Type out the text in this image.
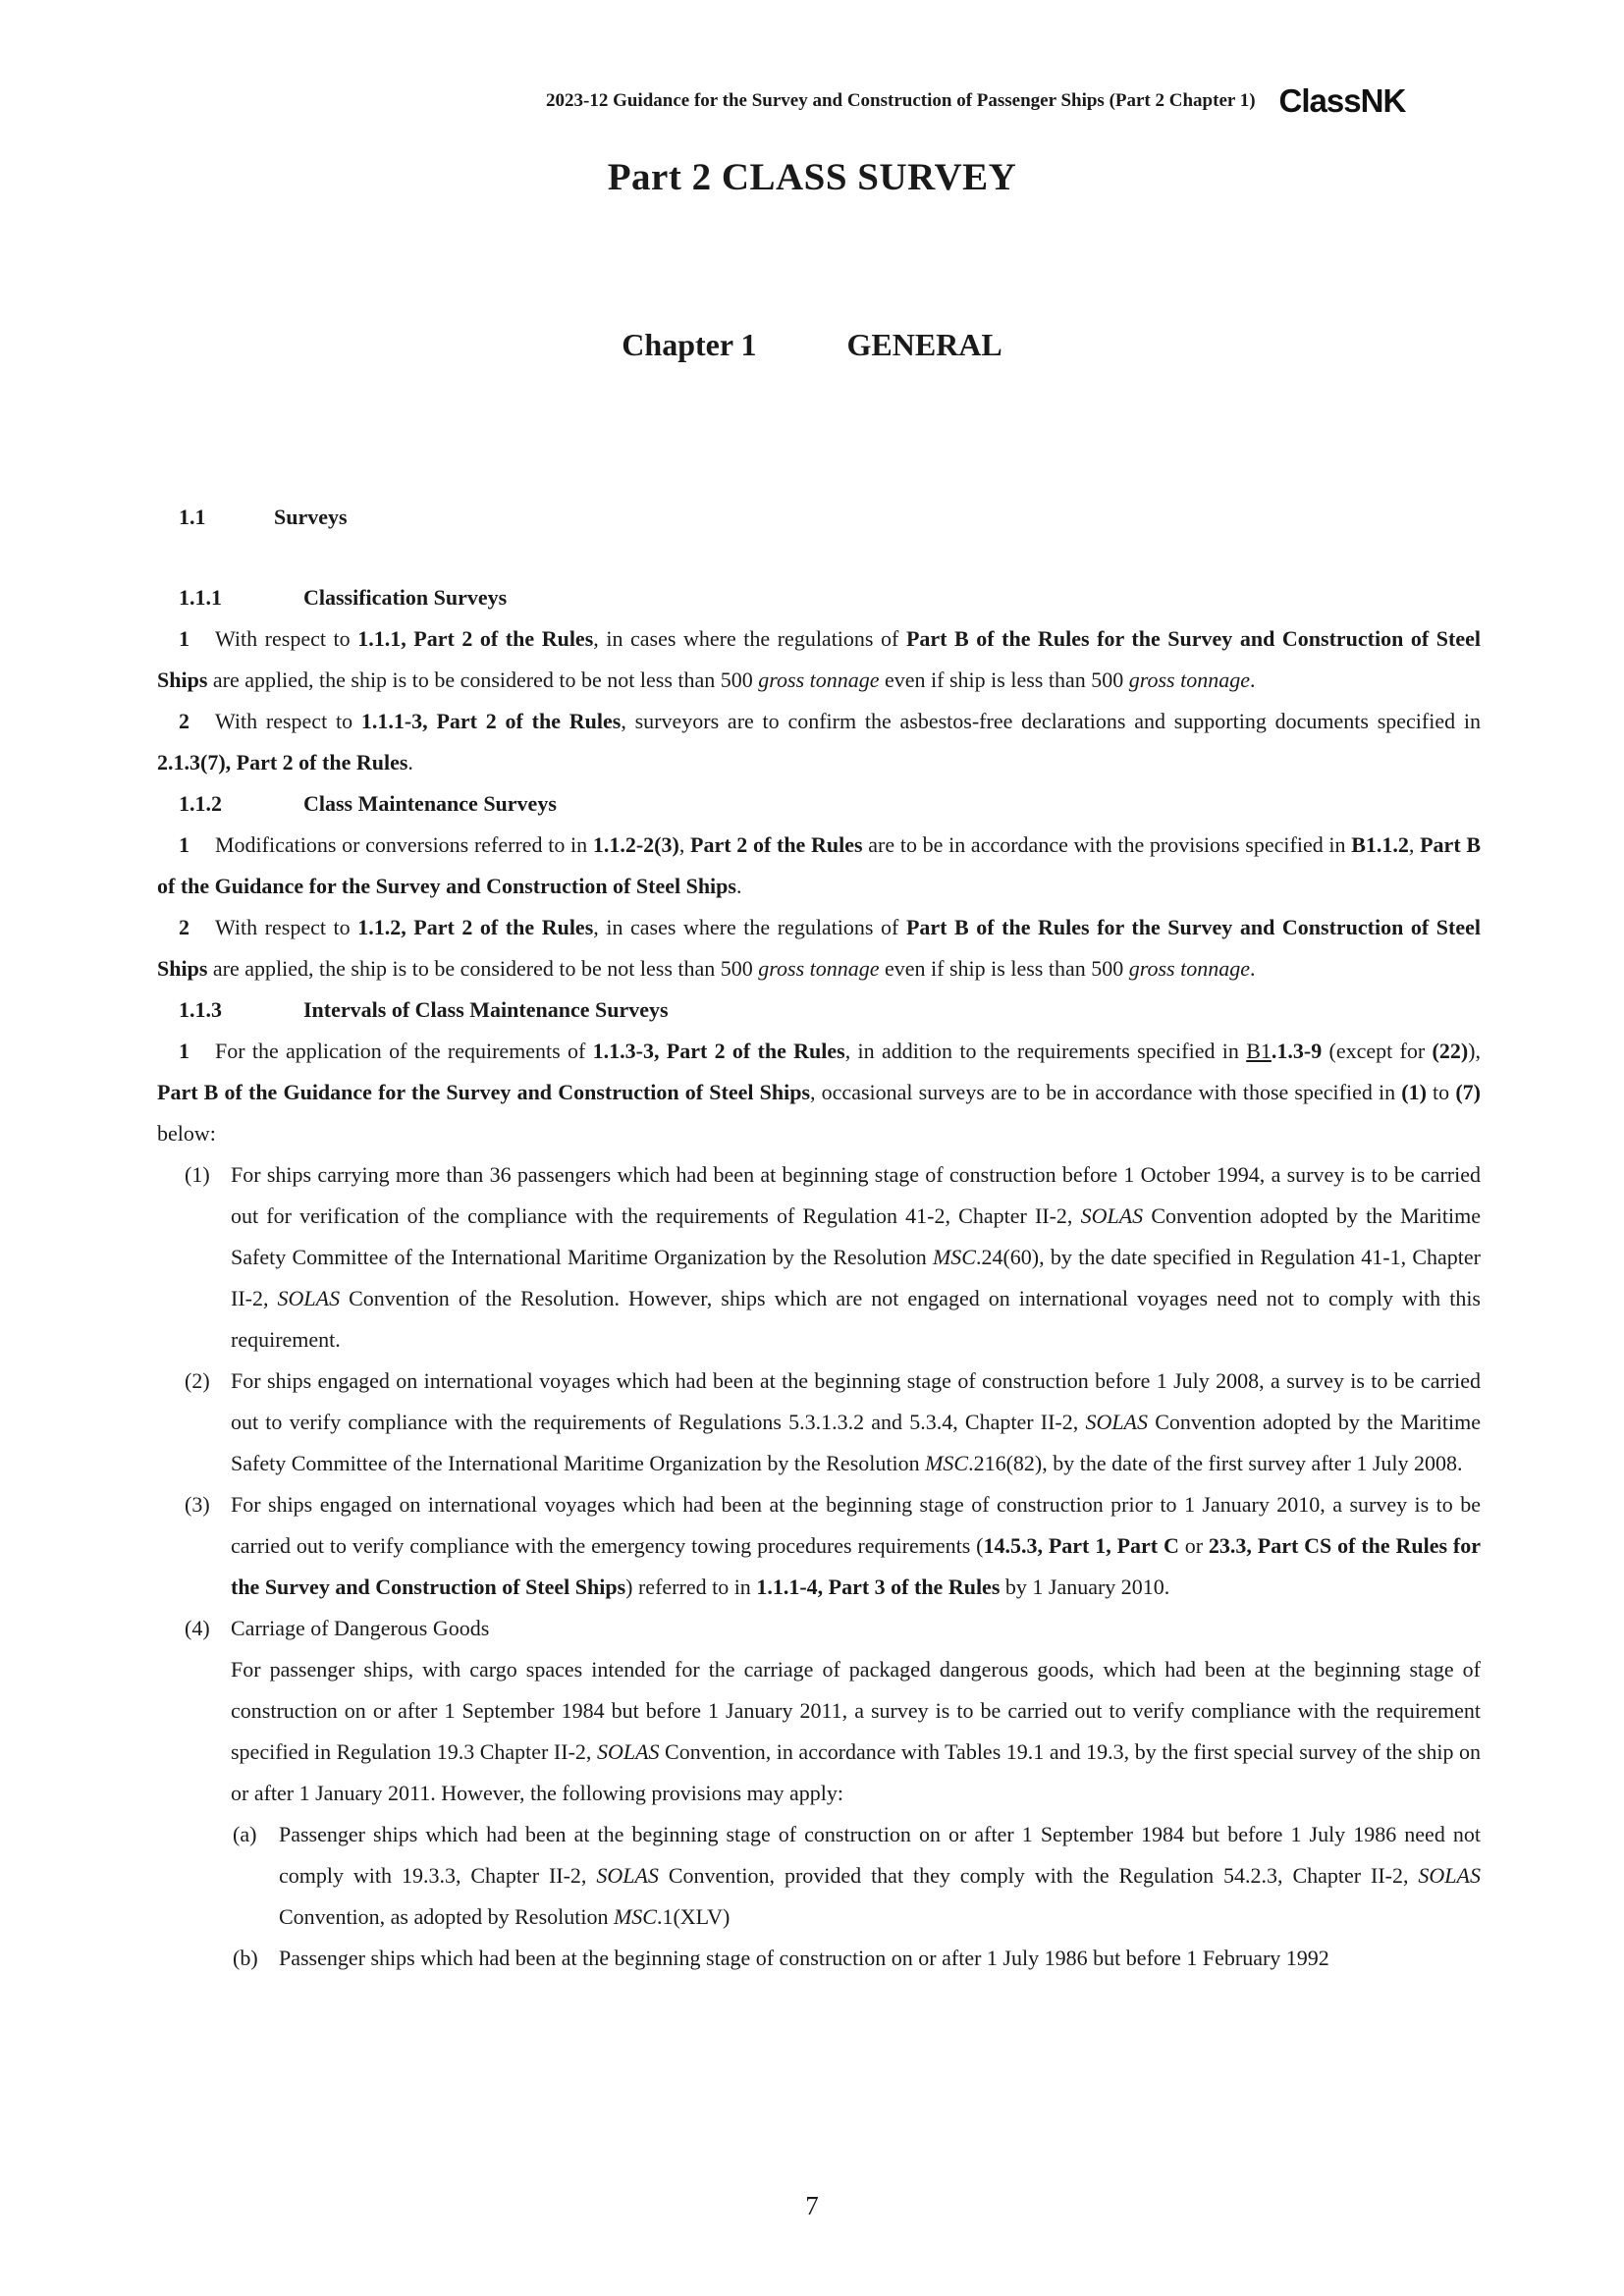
2023-12 Guidance for the Survey and Construction of Passenger Ships (Part 2 Chapter 1) ClassNK
Part 2 CLASS SURVEY
Chapter 1	GENERAL

1.1	Surveys

1.1.1	Classification Surveys

1 With respect to 1.1.1, Part 2 of the Rules, in cases where the regulations of Part B of the Rules for the Survey and Construction of Steel Ships are applied, the ship is to be considered to be not less than 500 gross tonnage even if ship is less than 500 gross tonnage.

2 With respect to 1.1.1-3, Part 2 of the Rules, surveyors are to confirm the asbestos-free declarations and supporting documents specified in 2.1.3(7), Part 2 of the Rules.

1.1.2	Class Maintenance Surveys

1 Modifications or conversions referred to in 1.1.2-2(3), Part 2 of the Rules are to be in accordance with the provisions specified in B1.1.2, Part B of the Guidance for the Survey and Construction of Steel Ships.

2 With respect to 1.1.2, Part 2 of the Rules, in cases where the regulations of Part B of the Rules for the Survey and Construction of Steel Ships are applied, the ship is to be considered to be not less than 500 gross tonnage even if ship is less than 500 gross tonnage.

1.1.3	Intervals of Class Maintenance Surveys

1 For the application of the requirements of 1.1.3-3, Part 2 of the Rules, in addition to the requirements specified in B1.1.3-9 (except for (22)), Part B of the Guidance for the Survey and Construction of Steel Ships, occasional surveys are to be in accordance with those specified in (1) to (7) below:

(1) For ships carrying more than 36 passengers which had been at beginning stage of construction before 1 October 1994, a survey is to be carried out for verification of the compliance with the requirements of Regulation 41-2, Chapter II-2, SOLAS Convention adopted by the Maritime Safety Committee of the International Maritime Organization by the Resolution MSC.24(60), by the date specified in Regulation 41-1, Chapter II-2, SOLAS Convention of the Resolution. However, ships which are not engaged on international voyages need not to comply with this requirement.

(2) For ships engaged on international voyages which had been at the beginning stage of construction before 1 July 2008, a survey is to be carried out to verify compliance with the requirements of Regulations 5.3.1.3.2 and 5.3.4, Chapter II-2, SOLAS Convention adopted by the Maritime Safety Committee of the International Maritime Organization by the Resolution MSC.216(82), by the date of the first survey after 1 July 2008.

(3) For ships engaged on international voyages which had been at the beginning stage of construction prior to 1 January 2010, a survey is to be carried out to verify compliance with the emergency towing procedures requirements (14.5.3, Part 1, Part C or 23.3, Part CS of the Rules for the Survey and Construction of Steel Ships) referred to in 1.1.1-4, Part 3 of the Rules by 1 January 2010.

(4) Carriage of Dangerous Goods

For passenger ships, with cargo spaces intended for the carriage of packaged dangerous goods, which had been at the beginning stage of construction on or after 1 September 1984 but before 1 January 2011, a survey is to be carried out to verify compliance with the requirement specified in Regulation 19.3 Chapter II-2, SOLAS Convention, in accordance with Tables 19.1 and 19.3, by the first special survey of the ship on or after 1 January 2011. However, the following provisions may apply:

(a) Passenger ships which had been at the beginning stage of construction on or after 1 September 1984 but before 1 July 1986 need not comply with 19.3.3, Chapter II-2, SOLAS Convention, provided that they comply with the Regulation 54.2.3, Chapter II-2, SOLAS Convention, as adopted by Resolution MSC.1(XLV)

(b) Passenger ships which had been at the beginning stage of construction on or after 1 July 1986 but before 1 February 1992

7
